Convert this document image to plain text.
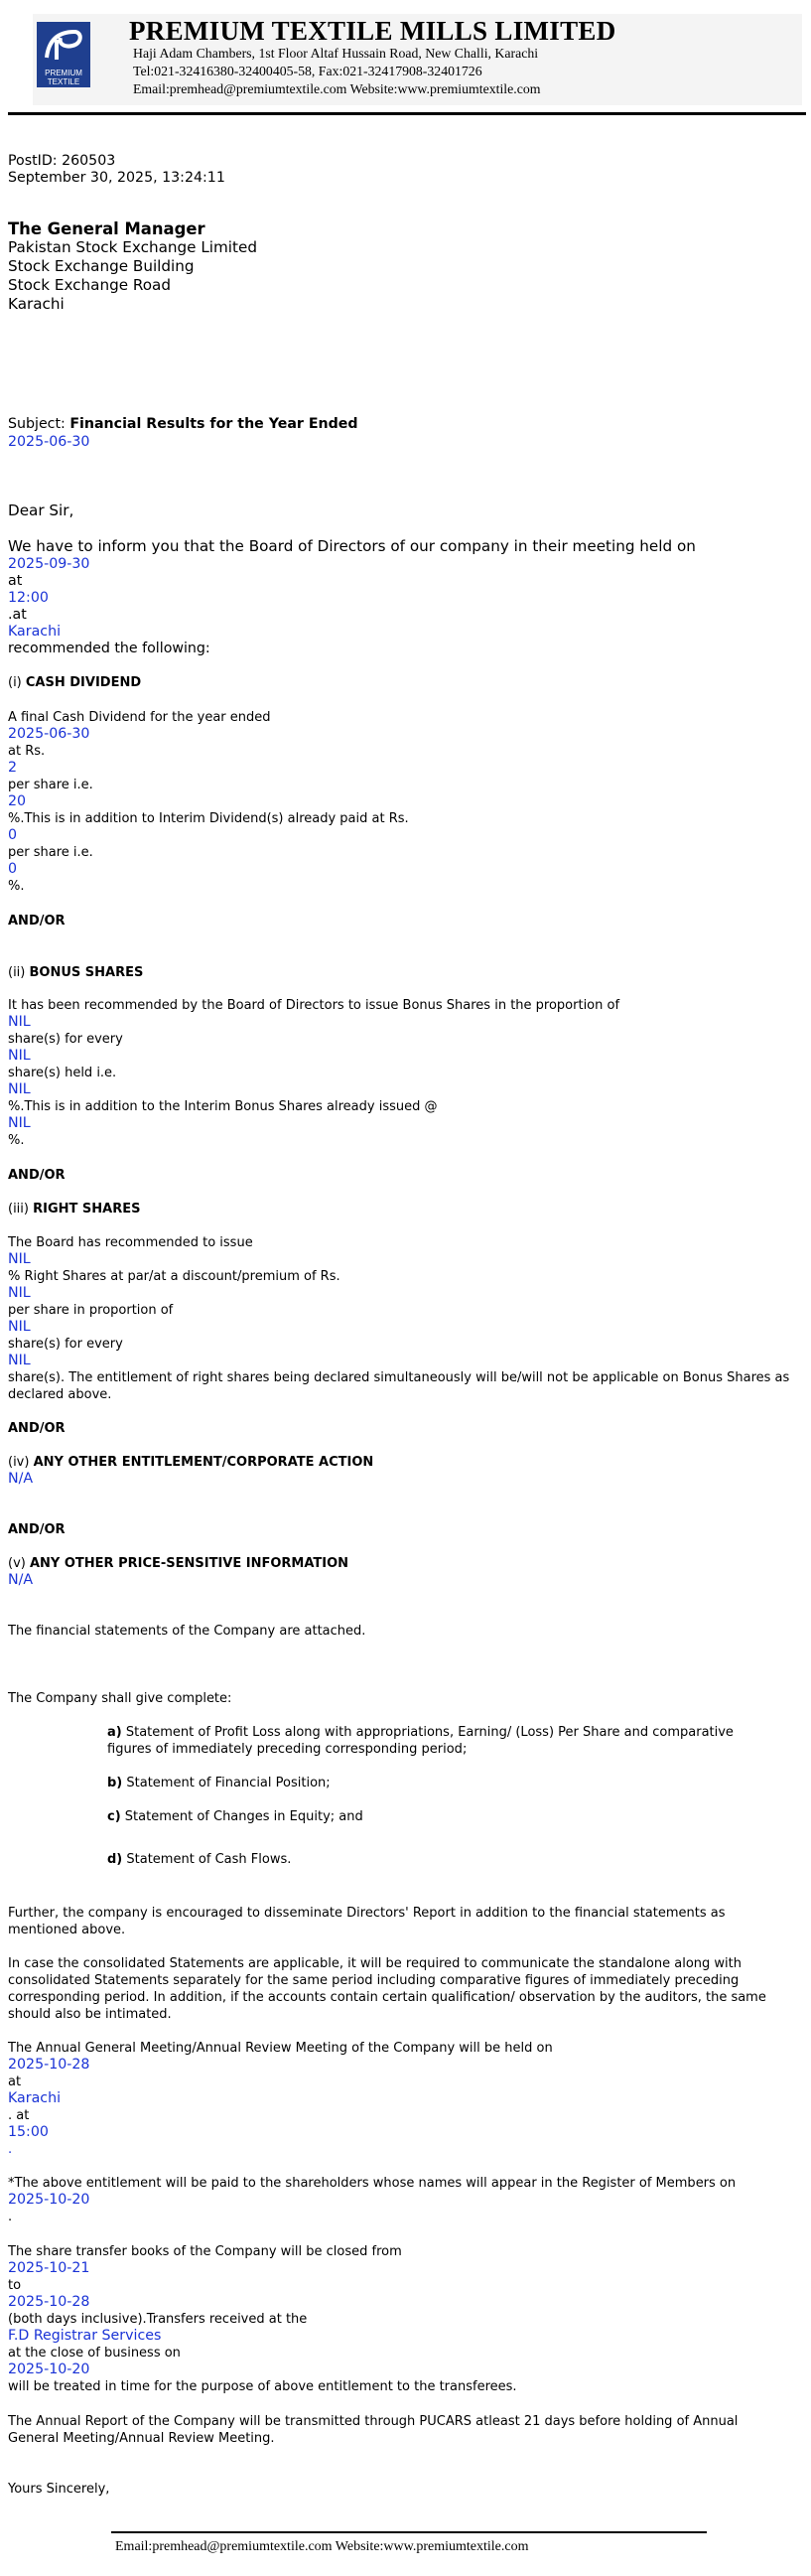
PREMIUM
TEXTILE
PREMIUM TEXTILE MILLS LIMITED
Haji Adam Chambers, 1st Floor Altaf Hussain Road, New Challi, Karachi
Tel:021-32416380-32400405-58, Fax:021-32417908-32401726
Email:premhead@premiumtextile.com Website:www.premiumtextile.com
PostID: 260503
September 30, 2025, 13:24:11
The General Manager
Pakistan Stock Exchange Limited
Stock Exchange Building
Stock Exchange Road
Karachi
Subject: Financial Results for the Year Ended
2025-06-30
Dear Sir,
We have to inform you that the Board of Directors of our company in their meeting held on
2025-09-30
at
12:00
.at
Karachi
recommended the following:
(i) CASH DIVIDEND
A final Cash Dividend for the year ended
2025-06-30
at Rs.
2
per share i.e.
20
%.This is in addition to Interim Dividend(s) already paid at Rs.
0
per share i.e.
0
%.
AND/OR
(ii) BONUS SHARES
It has been recommended by the Board of Directors to issue Bonus Shares in the proportion of
NIL
share(s) for every
NIL
share(s) held i.e.
NIL
%.This is in addition to the Interim Bonus Shares already issued @
NIL
%.
AND/OR
(iii) RIGHT SHARES
The Board has recommended to issue
NIL
% Right Shares at par/at a discount/premium of Rs.
NIL
per share in proportion of
NIL
share(s) for every
NIL
share(s). The entitlement of right shares being declared simultaneously will be/will not be applicable on Bonus Shares as declared above.
AND/OR
(iv) ANY OTHER ENTITLEMENT/CORPORATE ACTION
N/A
AND/OR
(v) ANY OTHER PRICE-SENSITIVE INFORMATION
N/A
The financial statements of the Company are attached.
The Company shall give complete:
a) Statement of Profit Loss along with appropriations, Earning/ (Loss) Per Share and comparative figures of immediately preceding corresponding period;
b) Statement of Financial Position;
c) Statement of Changes in Equity; and
d) Statement of Cash Flows.
Further, the company is encouraged to disseminate Directors' Report in addition to the financial statements as mentioned above.
In case the consolidated Statements are applicable, it will be required to communicate the standalone along with consolidated Statements separately for the same period including comparative figures of immediately preceding corresponding period. In addition, if the accounts contain certain qualification/ observation by the auditors, the same should also be intimated.
The Annual General Meeting/Annual Review Meeting of the Company will be held on
2025-10-28
at
Karachi
. at
15:00
.
*The above entitlement will be paid to the shareholders whose names will appear in the Register of Members on
2025-10-20
.
The share transfer books of the Company will be closed from
2025-10-21
to
2025-10-28
(both days inclusive).Transfers received at the
F.D Registrar Services
at the close of business on
2025-10-20
will be treated in time for the purpose of above entitlement to the transferees.
The Annual Report of the Company will be transmitted through PUCARS atleast 21 days before holding of Annual General Meeting/Annual Review Meeting.
Yours Sincerely,
Email:premhead@premiumtextile.com Website:www.premiumtextile.com
